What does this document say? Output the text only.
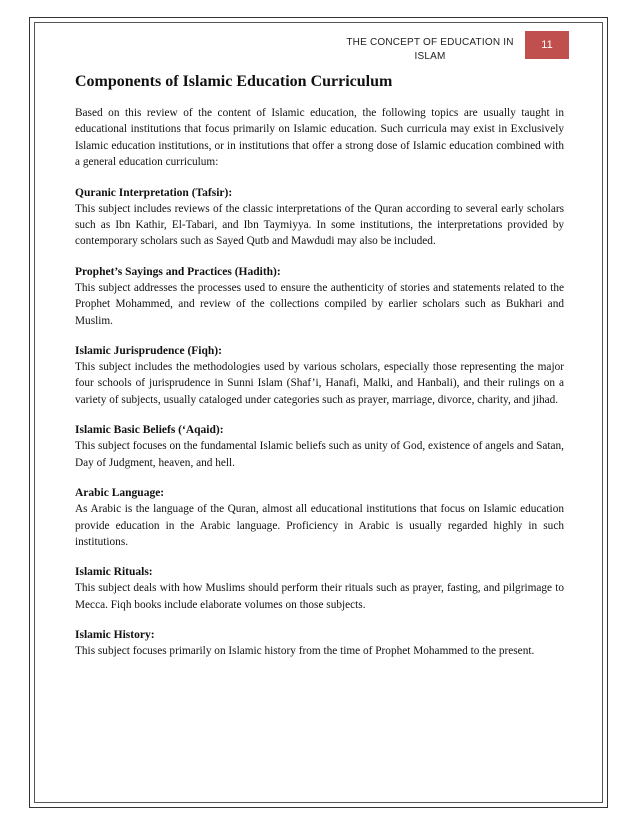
THE CONCEPT OF EDUCATION IN ISLAM
11
Components of Islamic Education Curriculum

Based on this review of the content of Islamic education, the following topics are usually taught in educational institutions that focus primarily on Islamic education. Such curricula may exist in Exclusively Islamic education institutions, or in institutions that offer a strong dose of Islamic education combined with a general education curriculum:

Quranic Interpretation (Tafsir):

This subject includes reviews of the classic interpretations of the Quran according to several early scholars such as Ibn Kathir, El-Tabari, and Ibn Taymiyya. In some institutions, the interpretations provided by contemporary scholars such as Sayed Qutb and Mawdudi may also be included.

Prophet’s Sayings and Practices (Hadith):

This subject addresses the processes used to ensure the authenticity of stories and statements related to the Prophet Mohammed, and review of the collections compiled by earlier scholars such as Bukhari and Muslim.

Islamic Jurisprudence (Fiqh):

This subject includes the methodologies used by various scholars, especially those representing the major four schools of jurisprudence in Sunni Islam (Shaf’i, Hanafi, Malki, and Hanbali), and their rulings on a variety of subjects, usually cataloged under categories such as prayer, marriage, divorce, charity, and jihad.

Islamic Basic Beliefs (‘Aqaid):

This subject focuses on the fundamental Islamic beliefs such as unity of God, existence of angels and Satan, Day of Judgment, heaven, and hell.

Arabic Language:

As Arabic is the language of the Quran, almost all educational institutions that focus on Islamic education provide education in the Arabic language. Proficiency in Arabic is usually regarded highly in such institutions.

Islamic Rituals:

This subject deals with how Muslims should perform their rituals such as prayer, fasting, and pilgrimage to Mecca. Fiqh books include elaborate volumes on those subjects.

Islamic History:

This subject focuses primarily on Islamic history from the time of Prophet Mohammed to the present.
